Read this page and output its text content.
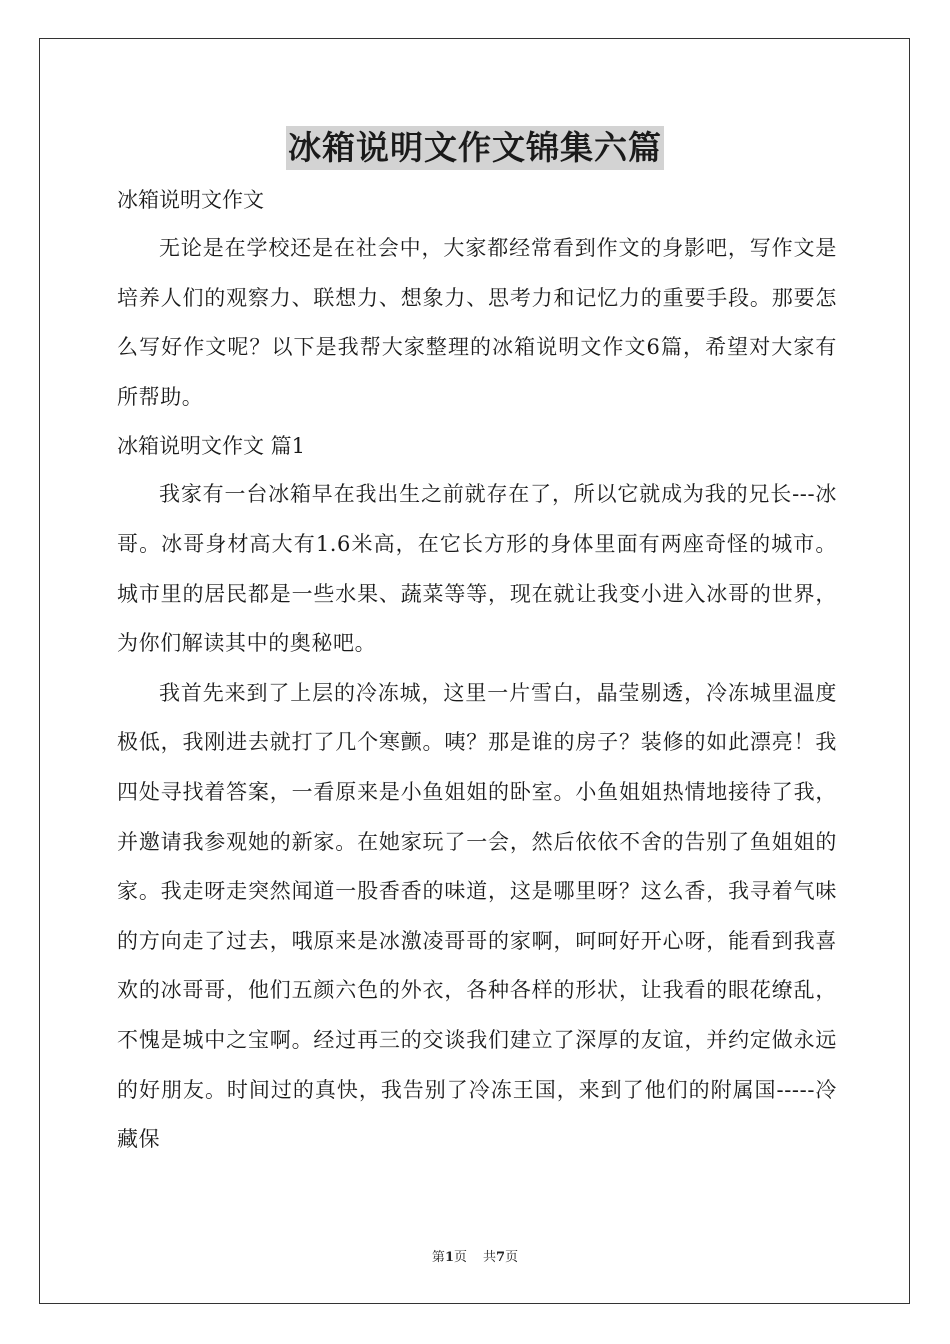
冰箱说明文作文锦集六篇

冰箱说明文作文

无论是在学校还是在社会中，大家都经常看到作文的身影吧，写作文是培养人们的观察力、联想力、想象力、思考力和记忆力的重要手段。那要怎么写好作文呢？以下是我帮大家整理的冰箱说明文作文6篇，希望对大家有所帮助。

冰箱说明文作文 篇1

我家有一台冰箱早在我出生之前就存在了，所以它就成为我的兄长---冰哥。冰哥身材高大有1.6米高，在它长方形的身体里面有两座奇怪的城市。城市里的居民都是一些水果、蔬菜等等，现在就让我变小进入冰哥的世界，为你们解读其中的奥秘吧。

我首先来到了上层的冷冻城，这里一片雪白，晶莹剔透，冷冻城里温度极低，我刚进去就打了几个寒颤。咦？那是谁的房子？装修的如此漂亮！我四处寻找着答案，一看原来是小鱼姐姐的卧室。小鱼姐姐热情地接待了我，并邀请我参观她的新家。在她家玩了一会，然后依依不舍的告别了鱼姐姐的家。我走呀走突然闻道一股香香的味道，这是哪里呀？这么香，我寻着气味的方向走了过去，哦原来是冰激凌哥哥的家啊，呵呵好开心呀，能看到我喜欢的冰哥哥，他们五颜六色的外衣，各种各样的形状，让我看的眼花缭乱，不愧是城中之宝啊。经过再三的交谈我们建立了深厚的友谊，并约定做永远的好朋友。时间过的真快，我告别了冷冻王国，来到了他们的附属国-----冷藏保

第1页 共7页
